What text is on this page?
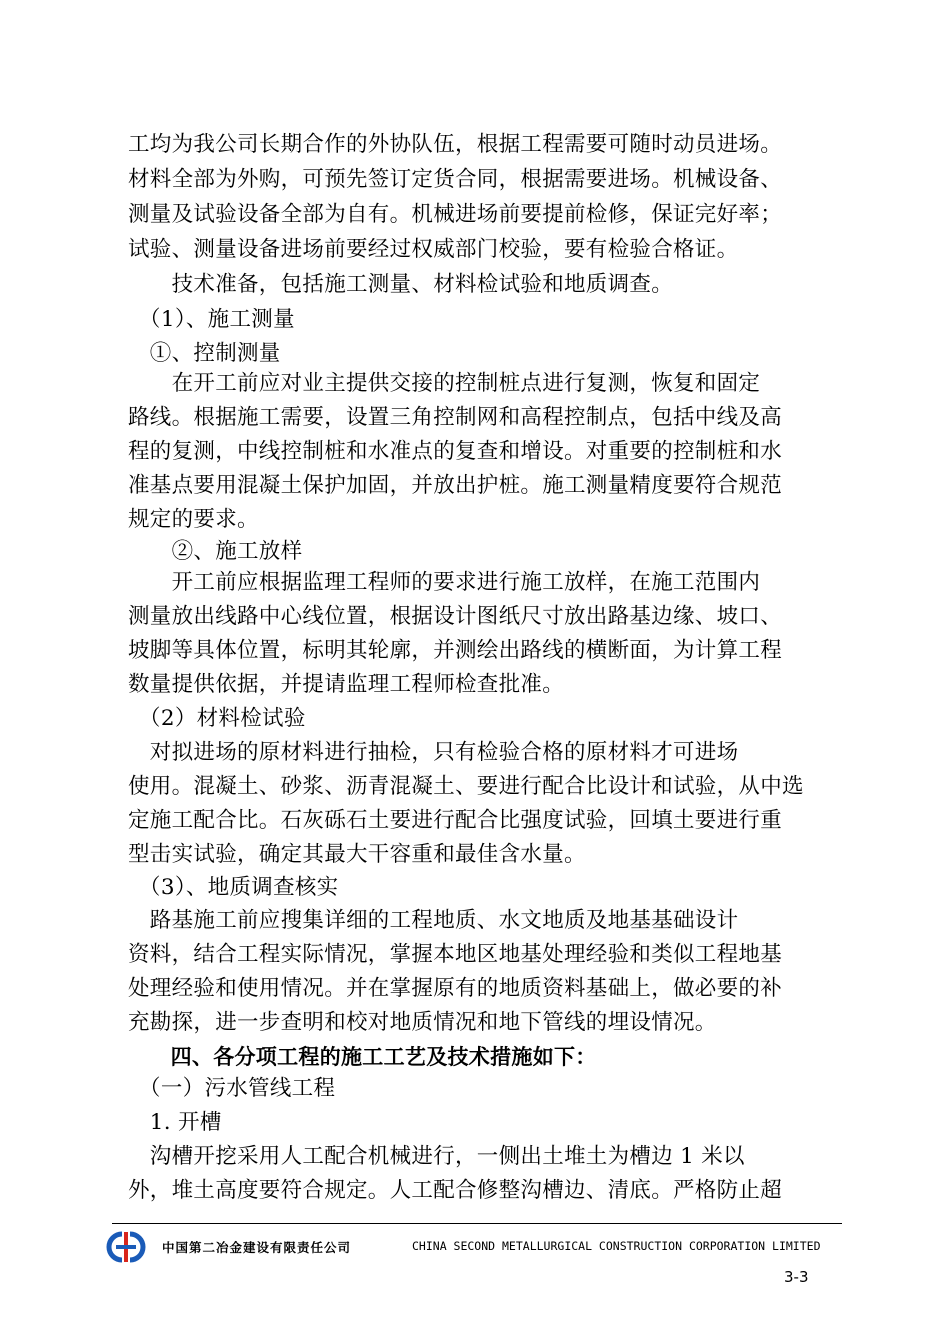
工均为我公司长期合作的外协队伍，根据工程需要可随时动员进场。
材料全部为外购，可预先签订定货合同，根据需要进场。机械设备、
测量及试验设备全部为自有。机械进场前要提前检修，保证完好率；
试验、测量设备进场前要经过权威部门校验，要有检验合格证。
　　技术准备，包括施工测量、材料检试验和地质调查。
　（1）、施工测量
　①、控制测量
　　在开工前应对业主提供交接的控制桩点进行复测，恢复和固定
路线。根据施工需要，设置三角控制网和高程控制点，包括中线及高
程的复测，中线控制桩和水准点的复查和增设。对重要的控制桩和水
准基点要用混凝土保护加固，并放出护桩。施工测量精度要符合规范
规定的要求。
　　②、施工放样
　　开工前应根据监理工程师的要求进行施工放样，在施工范围内
测量放出线路中心线位置，根据设计图纸尺寸放出路基边缘、坡口、
坡脚等具体位置，标明其轮廓，并测绘出路线的横断面，为计算工程
数量提供依据，并提请监理工程师检查批准。
　（2）材料检试验
　对拟进场的原材料进行抽检，只有检验合格的原材料才可进场
使用。混凝土、砂浆、沥青混凝土、要进行配合比设计和试验，从中选
定施工配合比。石灰砾石土要进行配合比强度试验，回填土要进行重
型击实试验，确定其最大干容重和最佳含水量。
　（3）、地质调查核实
　路基施工前应搜集详细的工程地质、水文地质及地基基础设计
资料，结合工程实际情况，掌握本地区地基处理经验和类似工程地基
处理经验和使用情况。并在掌握原有的地质资料基础上，做必要的补
充勘探，进一步查明和校对地质情况和地下管线的埋设情况。
　　四、各分项工程的施工工艺及技术措施如下：
　（一）污水管线工程
　1. 开槽
　沟槽开挖采用人工配合机械进行，一侧出土堆土为槽边 1 米以
外，堆土高度要符合规定。人工配合修整沟槽边、清底。严格防止超
中国第二冶金建设有限责任公司	CHINA SECOND METALLURGICAL CONSTRUCTION CORPORATION LIMITED
3-3
